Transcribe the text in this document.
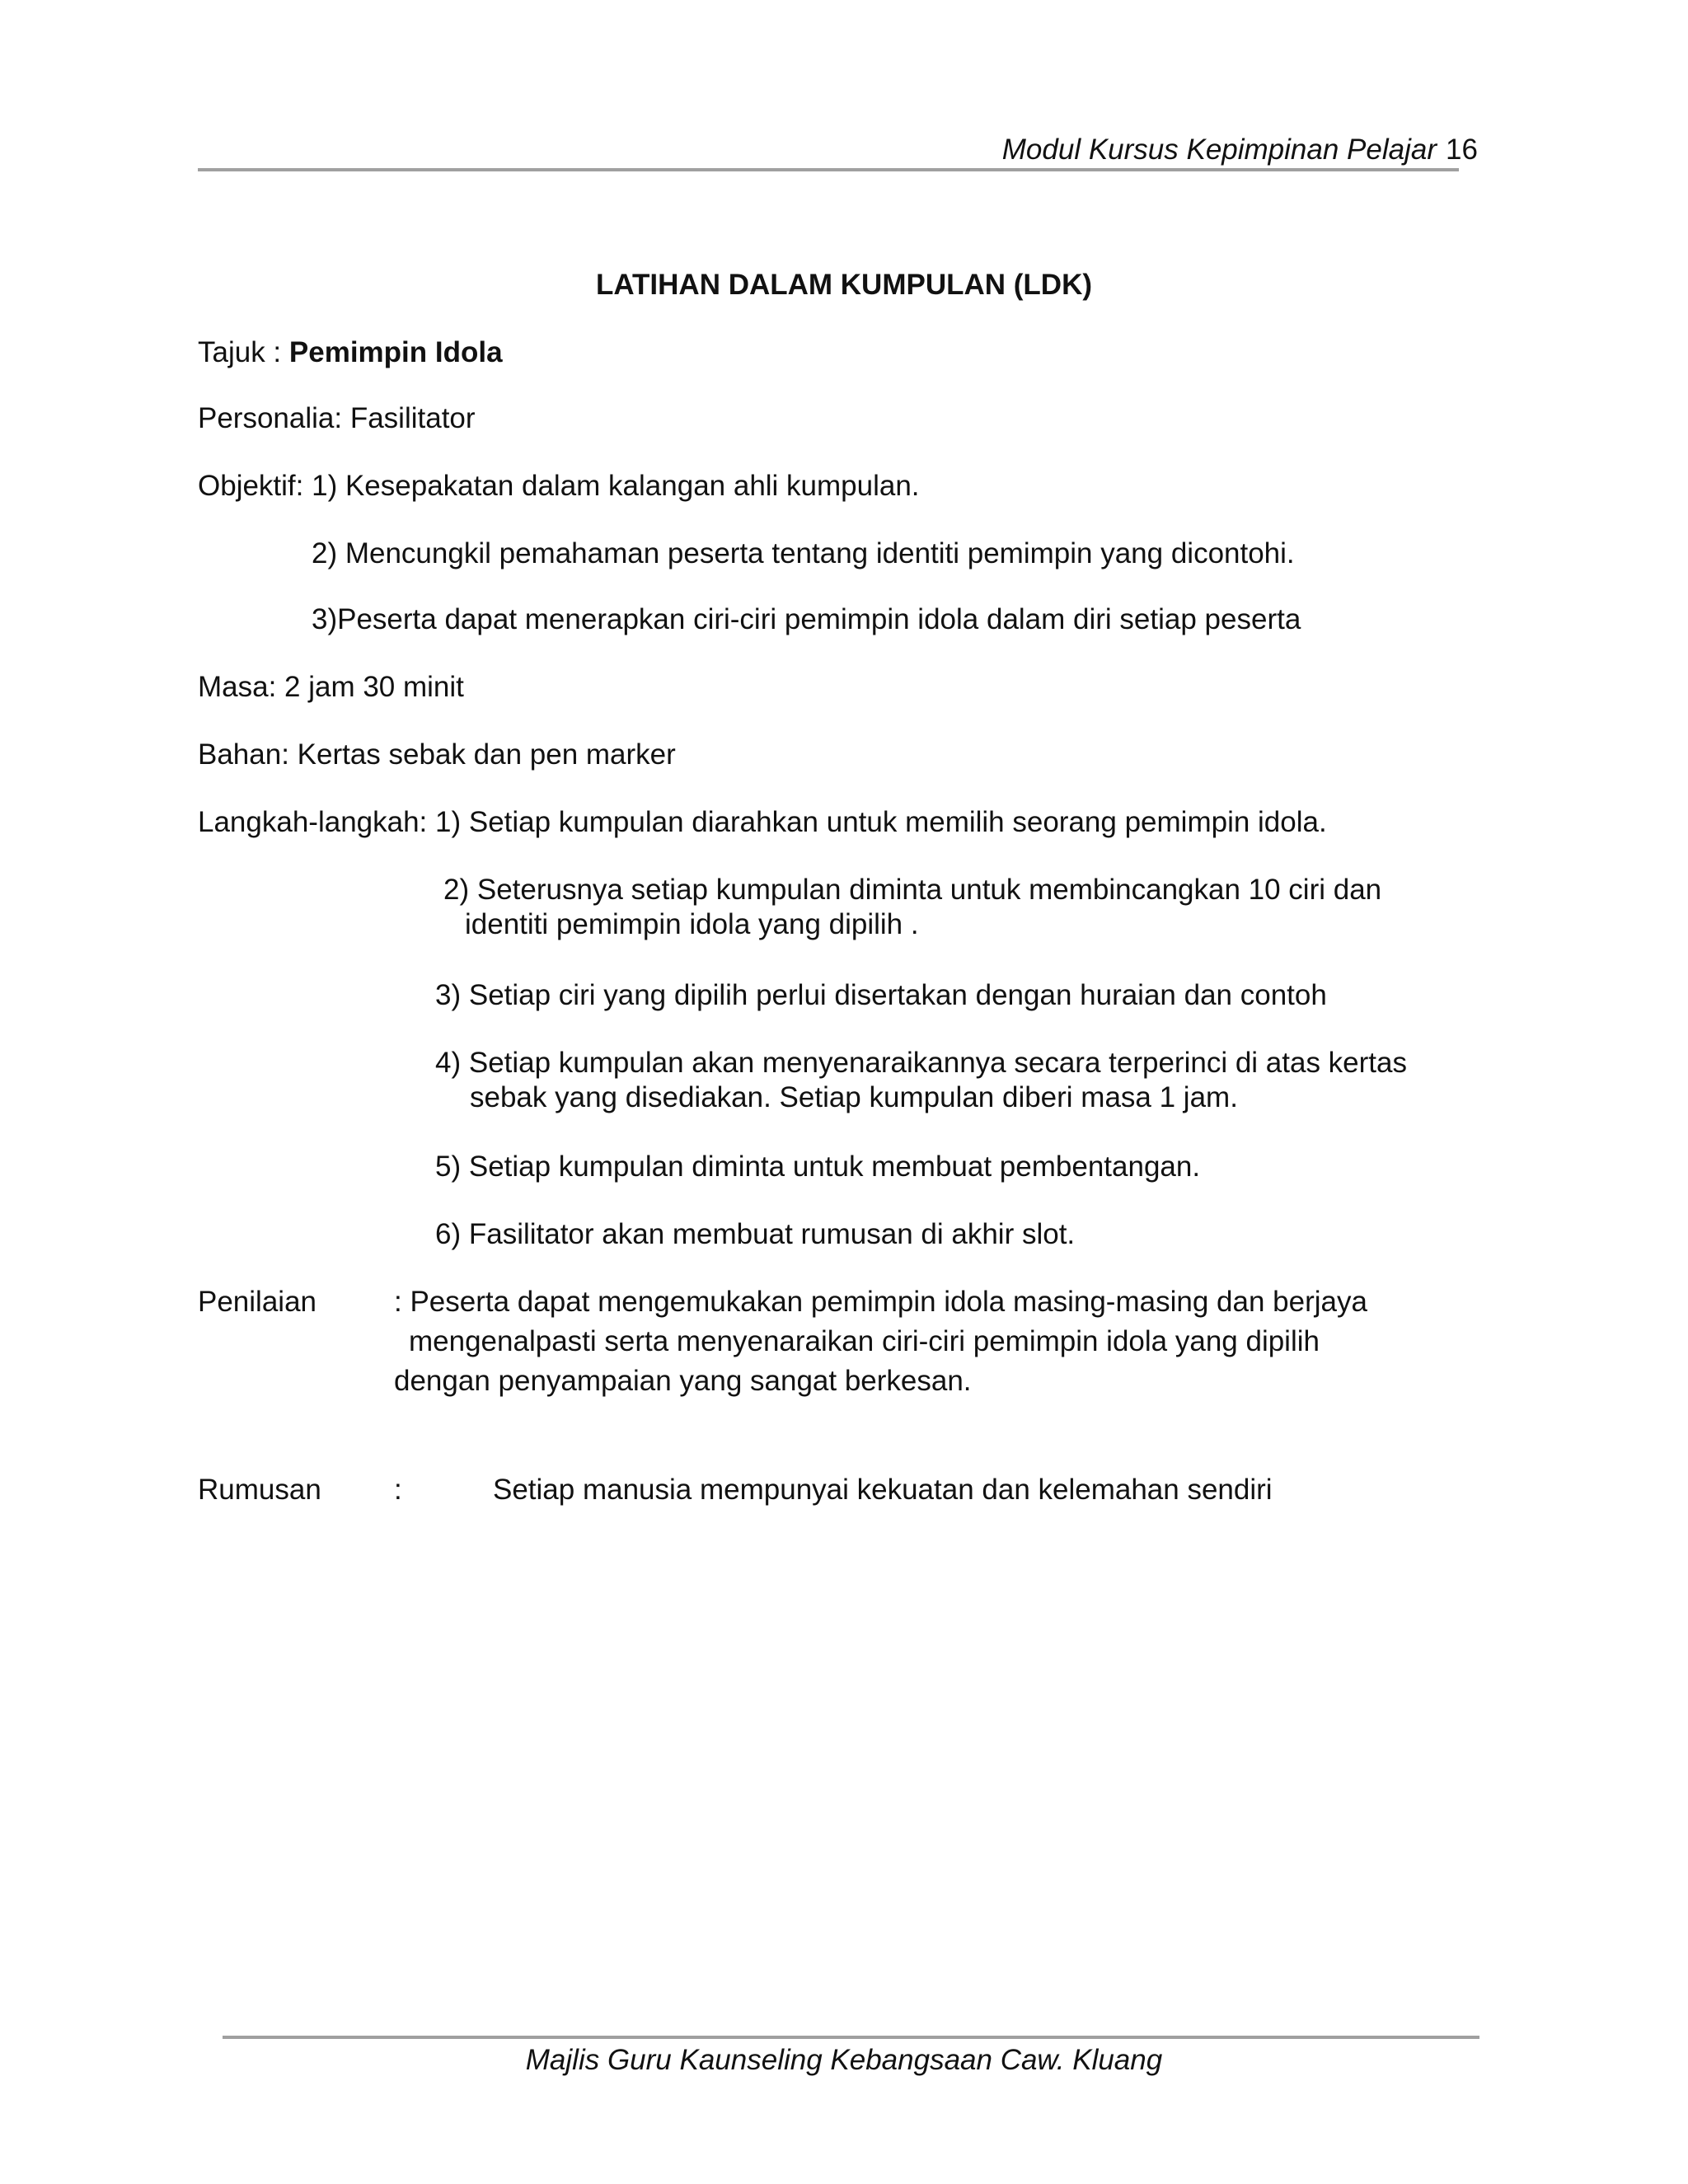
Modul Kursus Kepimpinan Pelajar 16
LATIHAN DALAM KUMPULAN (LDK)
Tajuk : Pemimpin Idola
Personalia: Fasilitator
Objektif: 1) Kesepakatan dalam kalangan ahli kumpulan.
2) Mencungkil pemahaman peserta tentang identiti pemimpin yang dicontohi.
3)Peserta dapat menerapkan ciri-ciri pemimpin idola dalam diri setiap peserta
Masa: 2 jam 30 minit
Bahan: Kertas sebak dan pen marker
Langkah-langkah: 1) Setiap kumpulan diarahkan untuk memilih seorang pemimpin idola.
2) Seterusnya setiap kumpulan diminta untuk membincangkan 10 ciri dan
identiti pemimpin idola yang dipilih .
3) Setiap ciri yang dipilih perlui disertakan dengan huraian dan contoh
4) Setiap kumpulan akan menyenaraikannya secara terperinci di atas kertas
sebak yang disediakan. Setiap kumpulan diberi masa 1 jam.
5) Setiap kumpulan diminta untuk membuat pembentangan.
6) Fasilitator akan membuat rumusan di akhir slot.
Penilaian	: Peserta dapat mengemukakan pemimpin idola masing-masing dan berjaya
mengenalpasti serta menyenaraikan ciri-ciri pemimpin idola yang dipilih
dengan penyampaian yang sangat berkesan.
Rumusan	:	Setiap manusia mempunyai kekuatan dan kelemahan sendiri
Majlis Guru Kaunseling Kebangsaan Caw. Kluang
